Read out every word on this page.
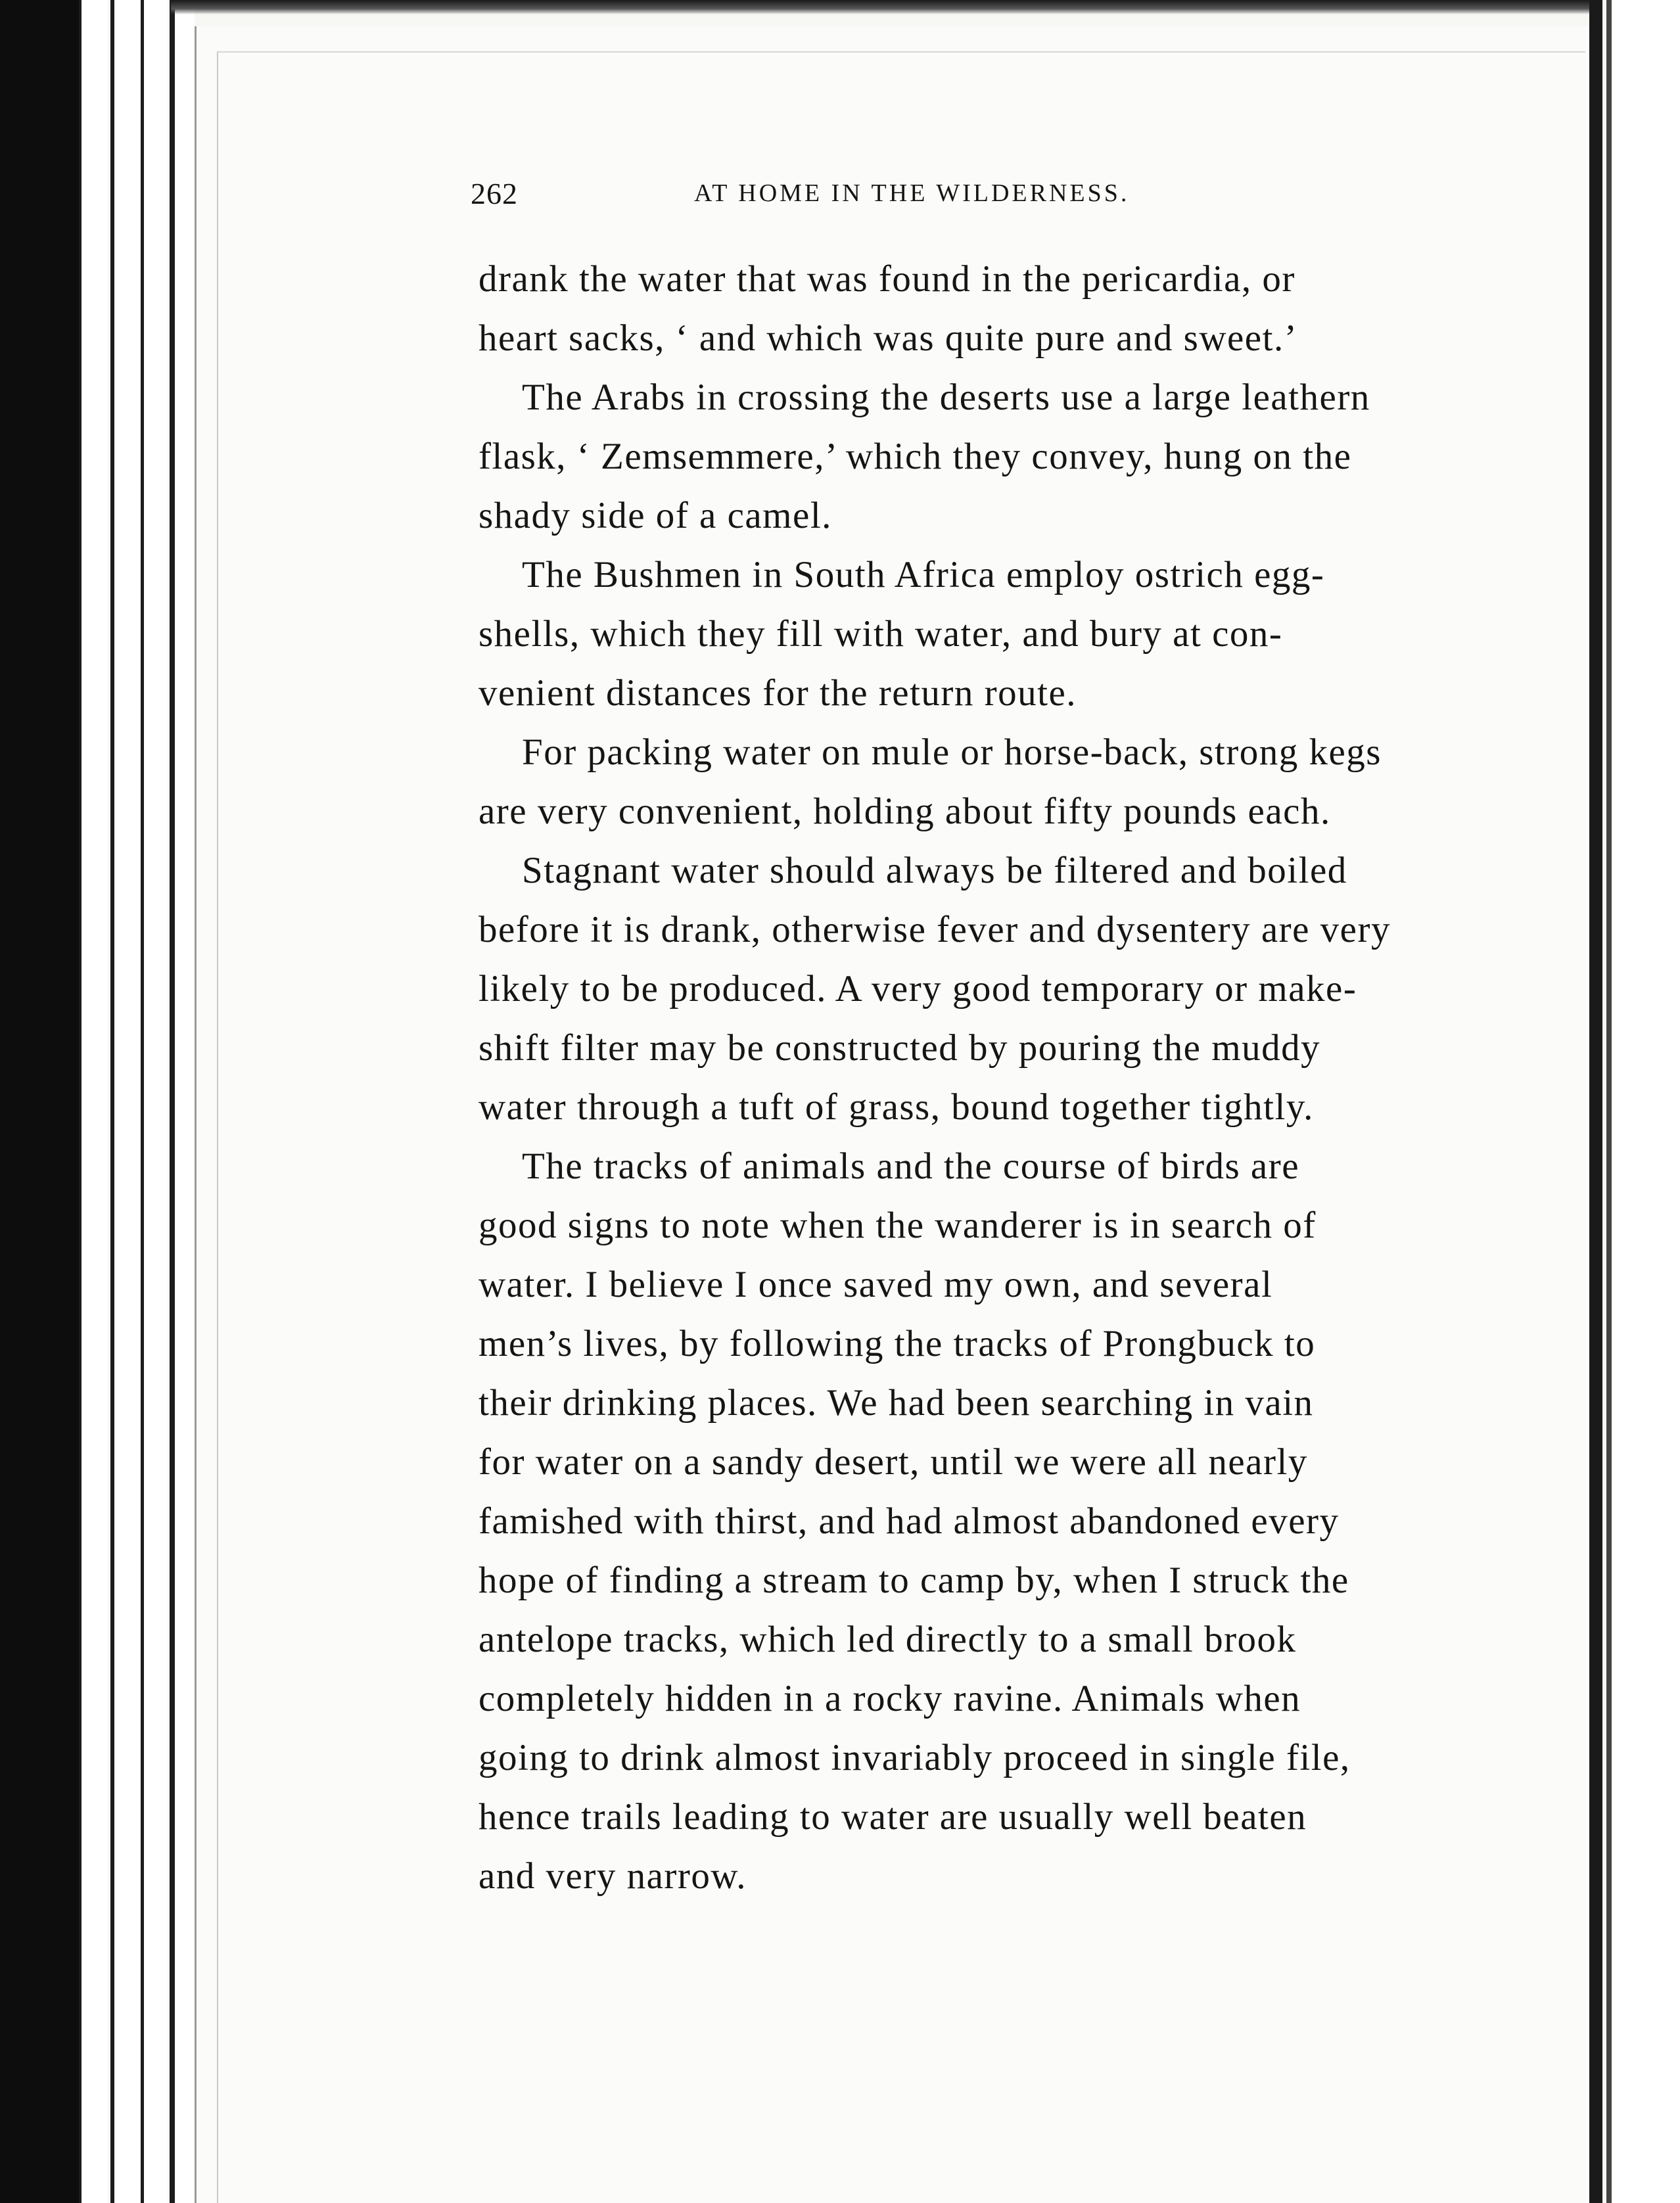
262	AT HOME IN THE WILDERNESS.
drank the water that was found in the pericardia, or
heart sacks, ‘ and which was quite pure and sweet.’
The Arabs in crossing the deserts use a large leathern
flask, ‘ Zemsemmere,’ which they convey, hung on the
shady side of a camel.
The Bushmen in South Africa employ ostrich egg-
shells, which they fill with water, and bury at con-
venient distances for the return route.
For packing water on mule or horse-back, strong kegs
are very convenient, holding about fifty pounds each.
Stagnant water should always be filtered and boiled
before it is drank, otherwise fever and dysentery are very
likely to be produced. A very good temporary or make-
shift filter may be constructed by pouring the muddy
water through a tuft of grass, bound together tightly.
The tracks of animals and the course of birds are
good signs to note when the wanderer is in search of
water. I believe I once saved my own, and several
men’s lives, by following the tracks of Prongbuck to
their drinking places. We had been searching in vain
for water on a sandy desert, until we were all nearly
famished with thirst, and had almost abandoned every
hope of finding a stream to camp by, when I struck the
antelope tracks, which led directly to a small brook
completely hidden in a rocky ravine. Animals when
going to drink almost invariably proceed in single file,
hence trails leading to water are usually well beaten
and very narrow.
